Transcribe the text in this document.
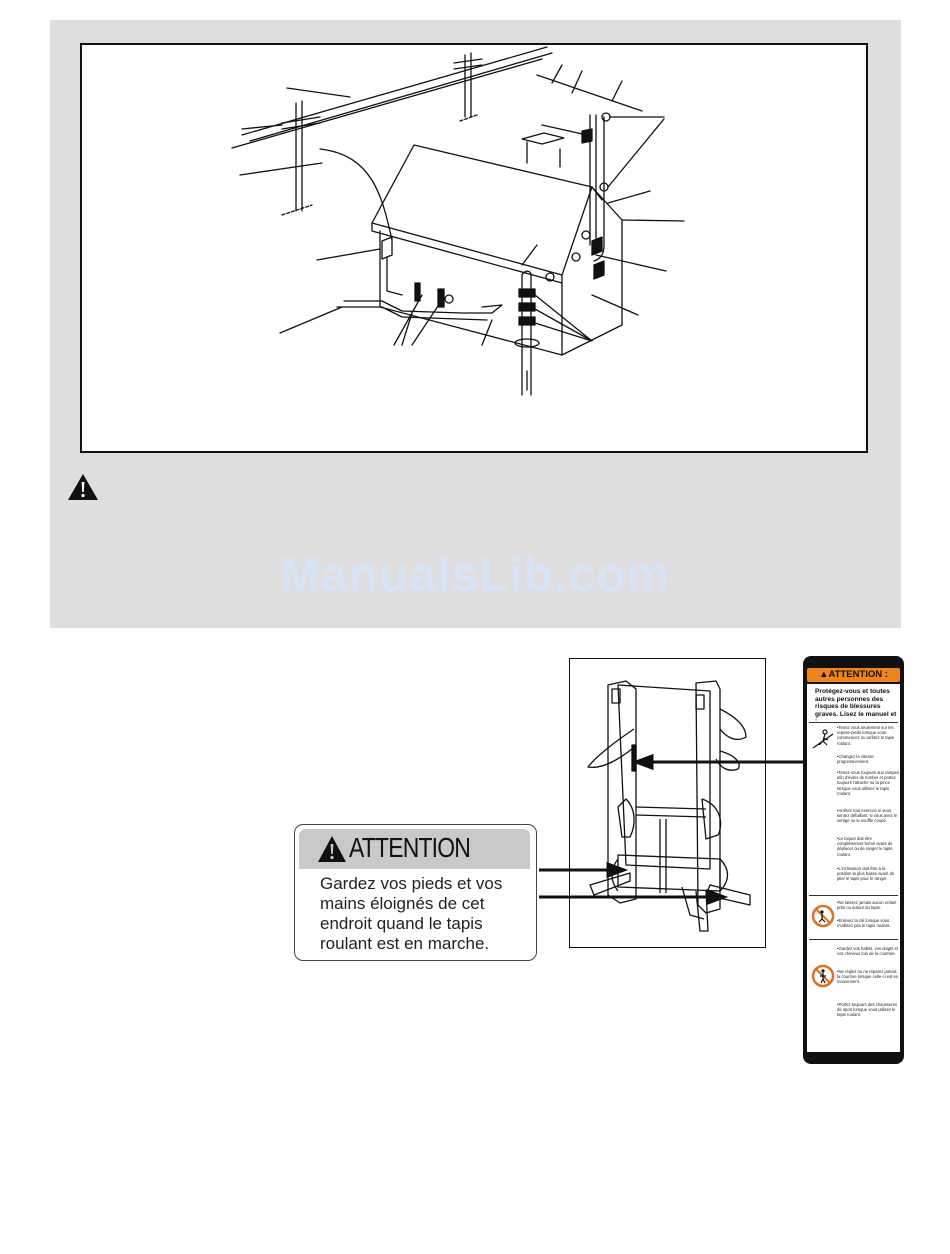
ManualsLib.com
ATTENTION
Gardez vos pieds et vos
mains éloignés de cet
endroit quand le tapis
roulant est en marche.
▲ATTENTION :
Protégez-vous et toutes autres personnes des risques de blessures graves. Lisez le manuel et
•Tenez vous seulement sur les repose-pieds lorsque vous commencez ou arrêtez le tapis roulant.
•Changez la vitesse progressivement.
•Tenez-vous toujours aux rampes afin d'éviter de tomber et portez toujours l'attache ou la pince lorsque vous utilisez le tapis roulant.
•Arrêtez tout exercice si vous sentez défaillant, si vous avez le vertige ou le souffle coupé.
•Le loquet doit être complètement fermé avant de déplacer ou de ranger le tapis roulant.
•L'inclinaison doit être à la position la plus basse avant de plier le tapis pour le ranger.
•Ne laissez jamais aucun enfant près ou autour du tapis.
•Enlevez la clé lorsque vous n'utilisez pas le tapis roulant.
•Gardez vos habits, vos doigts et vos cheveux loin de la courroie.
•Ne réglez ou ne réparez jamais la courroie lorsque celle-ci est en mouvement.
•Portez toujours des chaussures de sport lorsque vous utilisez le tapis roulant.
